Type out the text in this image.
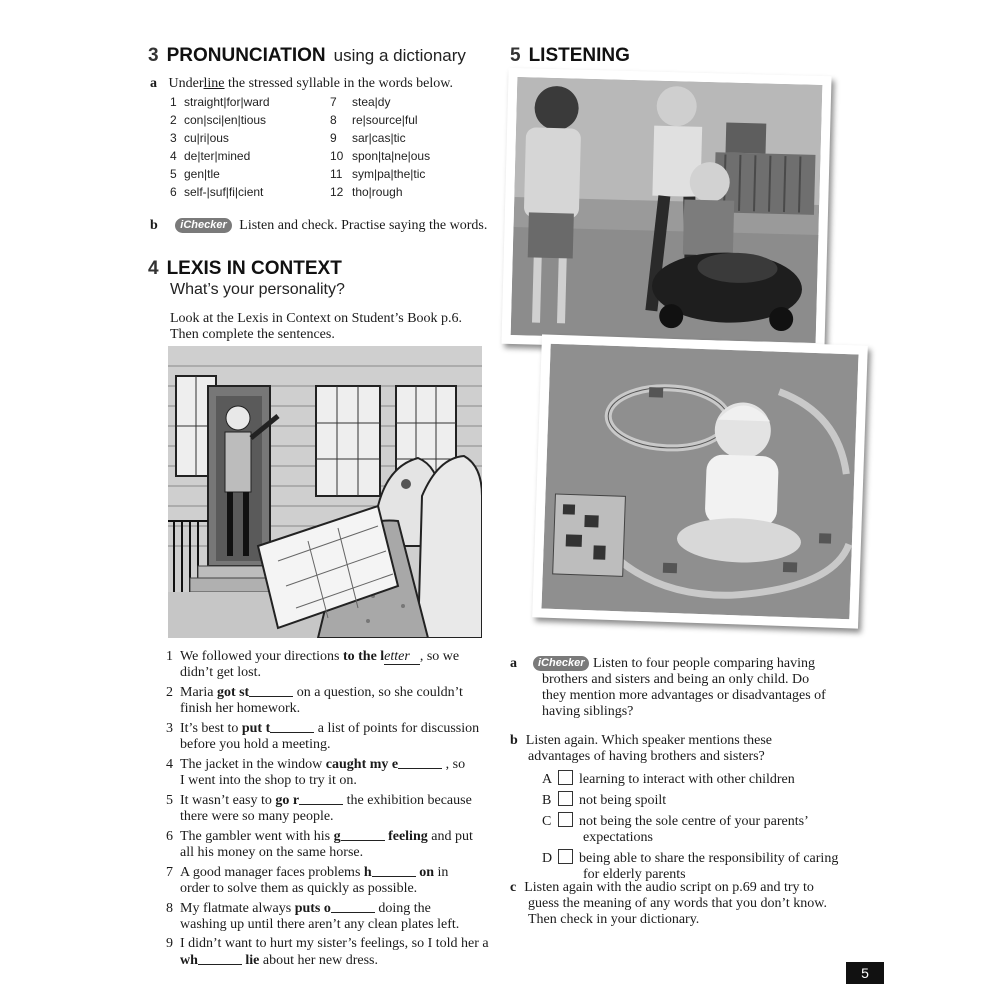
3 PRONUNCIATION using a dictionary
a Underline the stressed syllable in the words below.
1 straight|for|ward
2 con|sci|en|tious
3 cu|ri|ous
4 de|ter|mined
5 gen|tle
6 self-|suf|fi|cient
7 stea|dy
8 re|source|ful
9 sar|cas|tic
10 spon|ta|ne|ous
11 sym|pa|the|tic
12 tho|rough
b iChecker Listen and check. Practise saying the words.
4 LEXIS IN CONTEXT
What’s your personality?
Look at the Lexis in Context on Student’s Book p.6.
Then complete the sentences.
1 We followed your directions to the letter , so we
didn’t get lost.
2 Maria got st	on a question, so she couldn’t
finish her homework.
3 It’s best to put t	a list of points for discussion
before you hold a meeting.
4 The jacket in the window caught my e	, so
I went into the shop to try it on.
5 It wasn’t easy to go r	the exhibition because
there were so many people.
6 The gambler went with his g	feeling and put
all his money on the same horse.
7 A good manager faces problems h	on in
order to solve them as quickly as possible.
8 My flatmate always puts o	doing the
washing up until there aren’t any clean plates left.
9 I didn’t want to hurt my sister’s feelings, so I told her a
wh	lie about her new dress.
5 LISTENING
a iChecker Listen to four people comparing having
brothers and sisters and being an only child. Do
they mention more advantages or disadvantages of
having siblings?
b Listen again. Which speaker mentions these
advantages of having brothers and sisters?
A learning to interact with other children
B not being spoilt
C not being the sole centre of your parents’
expectations
D being able to share the responsibility of caring
for elderly parents
c Listen again with the audio script on p.69 and try to
guess the meaning of any words that you don’t know.
Then check in your dictionary.
5
